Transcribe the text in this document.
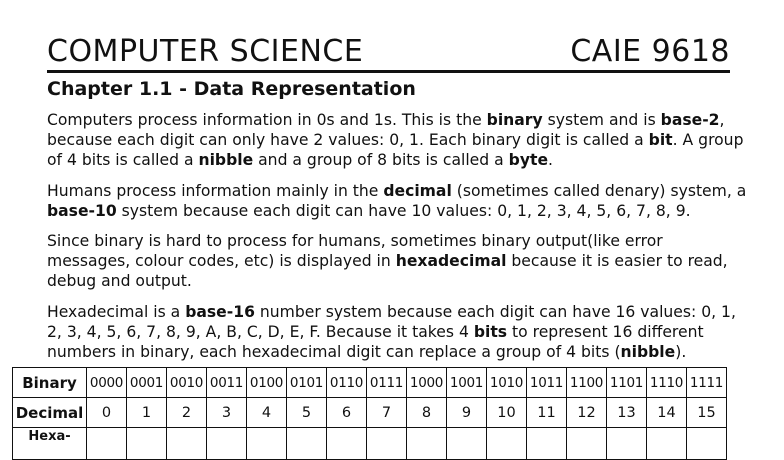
COMPUTER SCIENCE	CAIE 9618
Chapter 1.1 - Data Representation

Computers process information in 0s and 1s. This is the binary system and is base-2, because each digit can only have 2 values: 0, 1. Each binary digit is called a bit. A group of 4 bits is called a nibble and a group of 8 bits is called a byte.

Humans process information mainly in the decimal (sometimes called denary) system, a base-10 system because each digit can have 10 values: 0, 1, 2, 3, 4, 5, 6, 7, 8, 9.

Since binary is hard to process for humans, sometimes binary output(like error messages, colour codes, etc) is displayed in hexadecimal because it is easier to read, debug and output.

Hexadecimal is a base-16 number system because each digit can have 16 values: 0, 1, 2, 3, 4, 5, 6, 7, 8, 9, A, B, C, D, E, F. Because it takes 4 bits to represent 16 different numbers in binary, each hexadecimal digit can replace a group of 4 bits (nibble).

Binary	0000	0001	0010	0011	0100	0101	0110	0111	1000	1001	1010	1011	1100	1101	1110	1111
Decimal	0	1	2	3	4	5	6	7	8	9	10	11	12	13	14	15
Hexa-																
